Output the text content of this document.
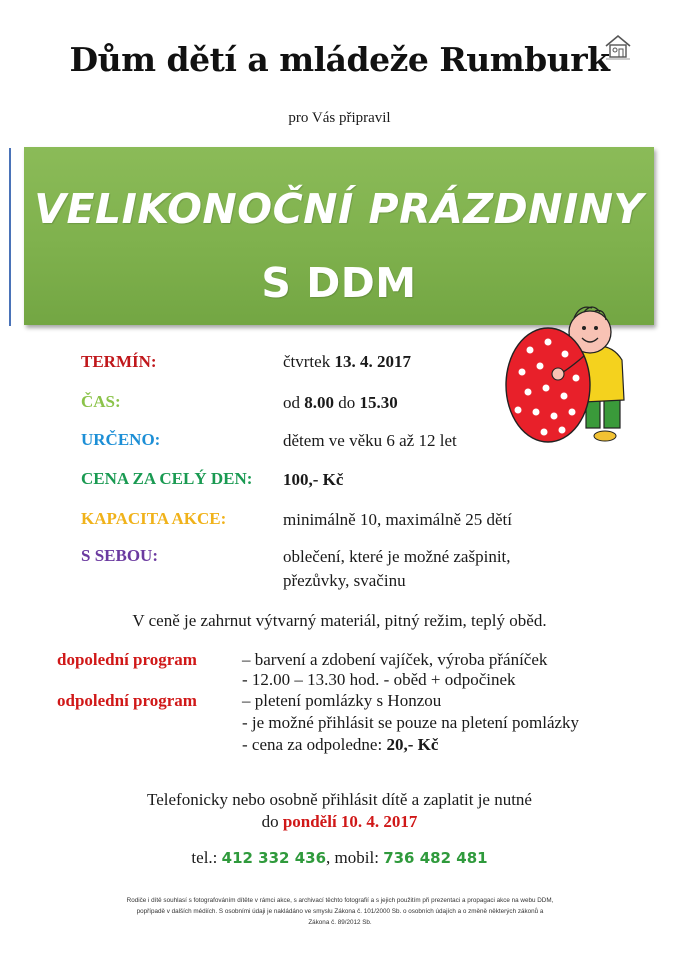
Dům dětí a mládeže Rumburk
pro Vás připravil
VELIKONOČNÍ PRÁZDNINY
S DDM
TERMÍN:	čtvrtek 13. 4. 2017
ČAS:	od 8.00 do 15.30
URČENO:	dětem ve věku 6 až 12 let
CENA ZA CELÝ DEN: 100,- Kč
KAPACITA AKCE:	minimálně 10, maximálně 25 dětí
S SEBOU:	oblečení, které je možné zašpinit,
přezůvky, svačinu
V ceně je zahrnut výtvarný materiál, pitný režim, teplý oběd.
dopolední program	– barvení a zdobení vajíček, výroba přáníček
- 12.00 – 13.30 hod. - oběd + odpočinek
odpolední program	– pletení pomlázky s Honzou
- je možné přihlásit se pouze na pletení pomlázky
- cena za odpoledne: 20,- Kč
Telefonicky nebo osobně přihlásit dítě a zaplatit je nutné
do pondělí 10. 4. 2017
tel.: 412 332 436, mobil: 736 482 481
Rodiče i dítě souhlasí s fotografováním dítěte v rámci akce, s archivací těchto fotografií a s jejich použitím při prezentaci a propagaci akce na webu DDM,
popřípadě v dalších médiích. S osobními údaji je nakládáno ve smyslu Zákona č. 101/2000 Sb. o osobních údajích a o změně některých zákonů a
Zákona č. 89/2012 Sb.
